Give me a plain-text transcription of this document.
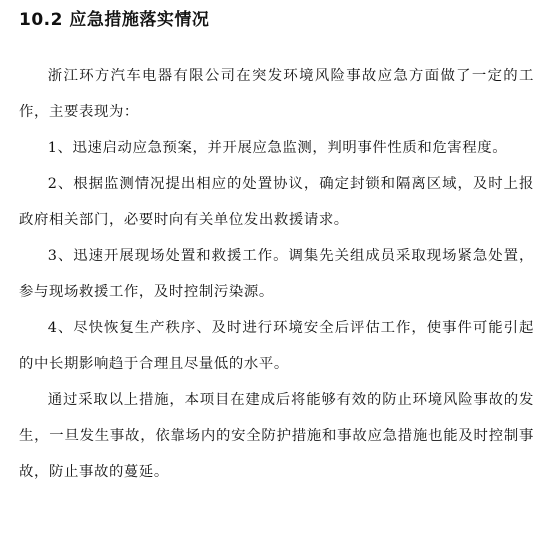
10.2 应急措施落实情况

浙江环方汽车电器有限公司在突发环境风险事故应急方面做了一定的工作，主要表现为：

1、迅速启动应急预案，并开展应急监测，判明事件性质和危害程度。

2、根据监测情况提出相应的处置协议，确定封锁和隔离区域，及时上报政府相关部门，必要时向有关单位发出救援请求。

3、迅速开展现场处置和救援工作。调集先关组成员采取现场紧急处置，参与现场救援工作，及时控制污染源。

4、尽快恢复生产秩序、及时进行环境安全后评估工作，使事件可能引起的中长期影响趋于合理且尽量低的水平。

通过采取以上措施，本项目在建成后将能够有效的防止环境风险事故的发生，一旦发生事故，依靠场内的安全防护措施和事故应急措施也能及时控制事故，防止事故的蔓延。
